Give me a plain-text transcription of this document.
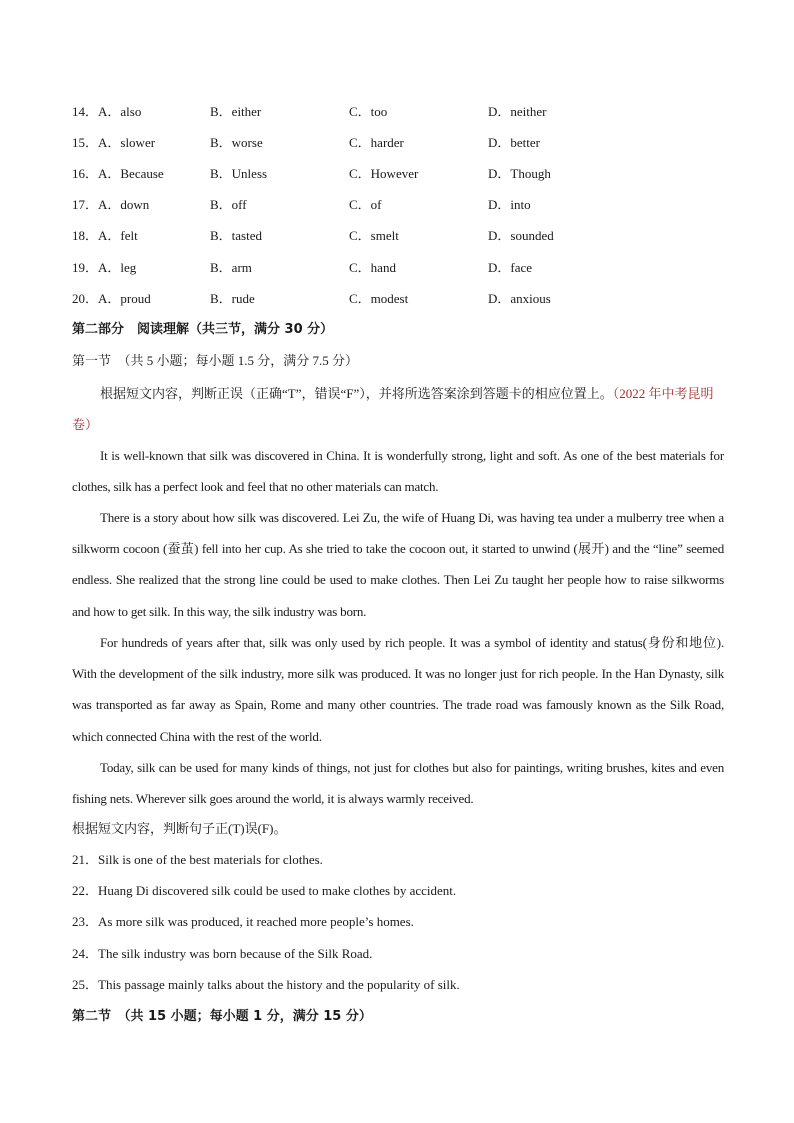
14．A．also	B．either	C．too	D．neither
15．A．slower	B．worse	C．harder	D．better
16．A．Because	B．Unless	C．However	D．Though
17．A．down	B．off	C．of	D．into
18．A．felt	B．tasted	C．smelt	D．sounded
19．A．leg	B．arm	C．hand	D．face
20．A．proud	B．rude	C．modest	D．anxious
第二部分　阅读理解（共三节，满分 30 分）
第一节　（共 5 小题；每小题 1.5 分，满分 7.5 分）
根据短文内容，判断正误（正确“T”，错误“F”），并将所选答案涂到答题卡的相应位置上。（2022 年中考昆明卷）
It is well-known that silk was discovered in China. It is wonderfully strong, light and soft. As one of the best materials for clothes, silk has a perfect look and feel that no other materials can match.
There is a story about how silk was discovered. Lei Zu, the wife of Huang Di, was having tea under a mulberry tree when a silkworm cocoon (蚕茧) fell into her cup. As she tried to take the cocoon out, it started to unwind (展开) and the “line” seemed endless. She realized that the strong line could be used to make clothes. Then Lei Zu taught her people how to raise silkworms and how to get silk. In this way, the silk industry was born.
For hundreds of years after that, silk was only used by rich people. It was a symbol of identity and status(身份和地位). With the development of the silk industry, more silk was produced. It was no longer just for rich people. In the Han Dynasty, silk was transported as far away as Spain, Rome and many other countries. The trade road was famously known as the Silk Road, which connected China with the rest of the world.
Today, silk can be used for many kinds of things, not just for clothes but also for paintings, writing brushes, kites and even fishing nets. Wherever silk goes around the world, it is always warmly received.
根据短文内容，判断句子正(T)误(F)。
21．Silk is one of the best materials for clothes.
22．Huang Di discovered silk could be used to make clothes by accident.
23．As more silk was produced, it reached more people’s homes.
24．The silk industry was born because of the Silk Road.
25．This passage mainly talks about the history and the popularity of silk.
第二节　（共 15 小题；每小题 1 分，满分 15 分）
